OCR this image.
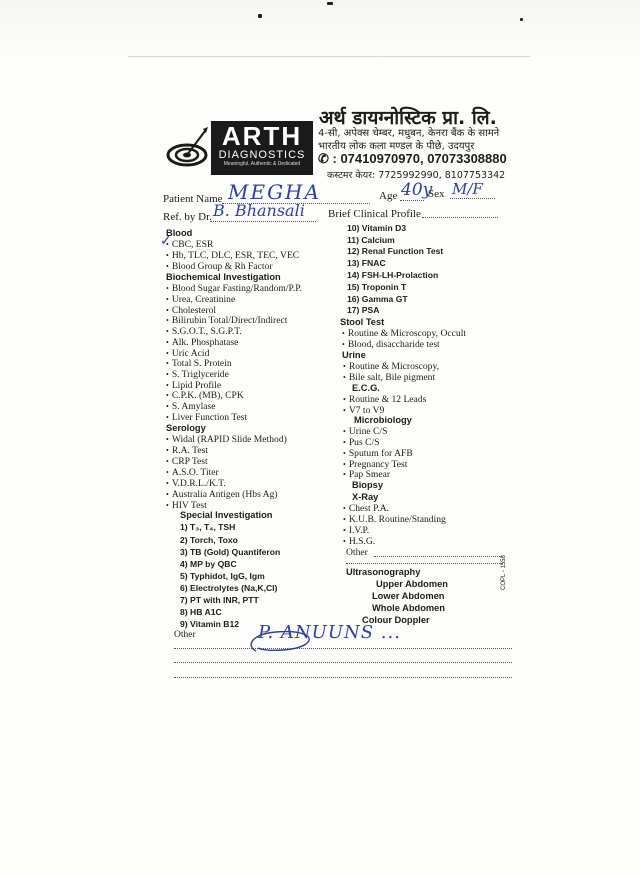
ARTH
DIAGNOSTICS
Meaningful, Authentic & Dedicated
अर्थ डायग्नोस्टिक प्रा. लि.
4-सी, अपेक्स चेम्बर, मधुबन, केनरा बैंक के सामने
भारतीय लोक कला मण्डल के पीछे, उदयपुर
✆ : 07410970970, 07073308880
कस्टमर केयर: 7725992990, 8107753342
Patient Name MEGHA	Age 40y
Sex M/F
Ref. by Dr. B. Bhansali Brief Clinical Profile
Blood
✓
• CBC, ESR
• Hb, TLC, DLC, ESR, TEC, VEC
• Blood Group & Rh Factor
Biochemical Investigation
• Blood Sugar Fasting/Random/P.P.
• Urea, Creatinine
• Cholesterol
• Bilirubin Total/Direct/Indirect
• S.G.O.T., S.G.P.T.
• Alk. Phosphatase
• Uric Acid
• Total S. Protein
• S. Triglyceride
• Lipid Profile
• C.P.K. (MB), CPK
• S. Amylase
• Liver Function Test
Serology
• Widal (RAPID Slide Method)
• R.A. Test
• CRP Test
• A.S.O. Titer
• V.D.R.L./K.T.
• Australia Antigen (Hbs Ag)
• HIV Test
Special Investigation
1) T₃, T₄, TSH
2) Torch, Toxo
3) TB (Gold) Quantiferon
4) MP by QBC
5) Typhidot, IgG, Igm
6) Electrolytes (Na,K,Cl)
7) PT with INR, PTT
8) HB A1C
9) Vitamin B12
10) Vitamin D3
11) Calcium
12) Renal Function Test
13) FNAC
14) FSH-LH-Prolaction
15) Troponin T
16) Gamma GT
17) PSA
Stool Test
• Routine & Microscopy, Occult
• Blood, disaccharide test
Urine
• Routine & Microscopy,
• Bile salt, Bile pigment
E.C.G.
• Routine & 12 Leads
• V7 to V9
Microbiology
• Urine C/S
• Pus C/S
• Sputum for AFB
• Pregnancy Test
• Pap Smear
Biopsy
X-Ray
• Chest P.A.
• K.U.B. Routine/Standing
• I.V.P.
• H.S.G.
Other
Ultrasonography
Upper Abdomen
Lower Abdomen
Whole Abdomen
Colour Doppler
COPL - 1558
Other	P. ANUUNS ...
